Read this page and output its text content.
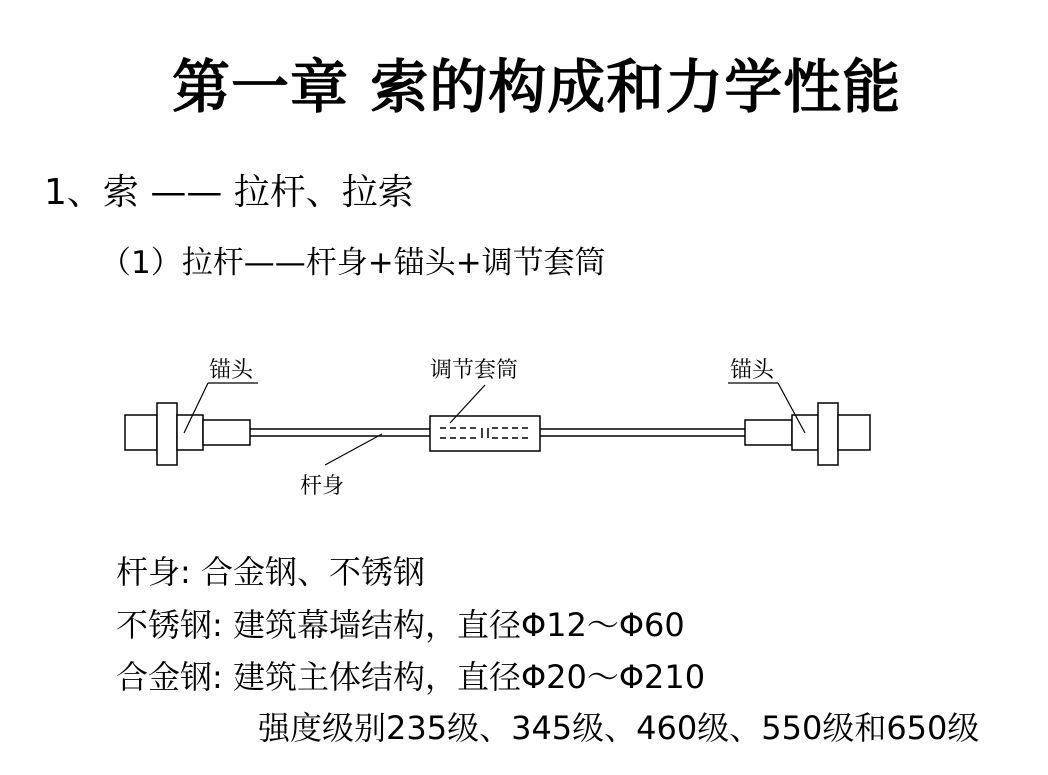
第一章 索的构成和力学性能
1、索 —— 拉杆、拉索
（1）拉杆——杆身+锚头+调节套筒
锚头	调节套筒	锚头
杆身
杆身: 合金钢、不锈钢
不锈钢: 建筑幕墙结构，直径Φ12～Φ60
合金钢: 建筑主体结构，直径Φ20～Φ210
强度级别235级、345级、460级、550级和650级
